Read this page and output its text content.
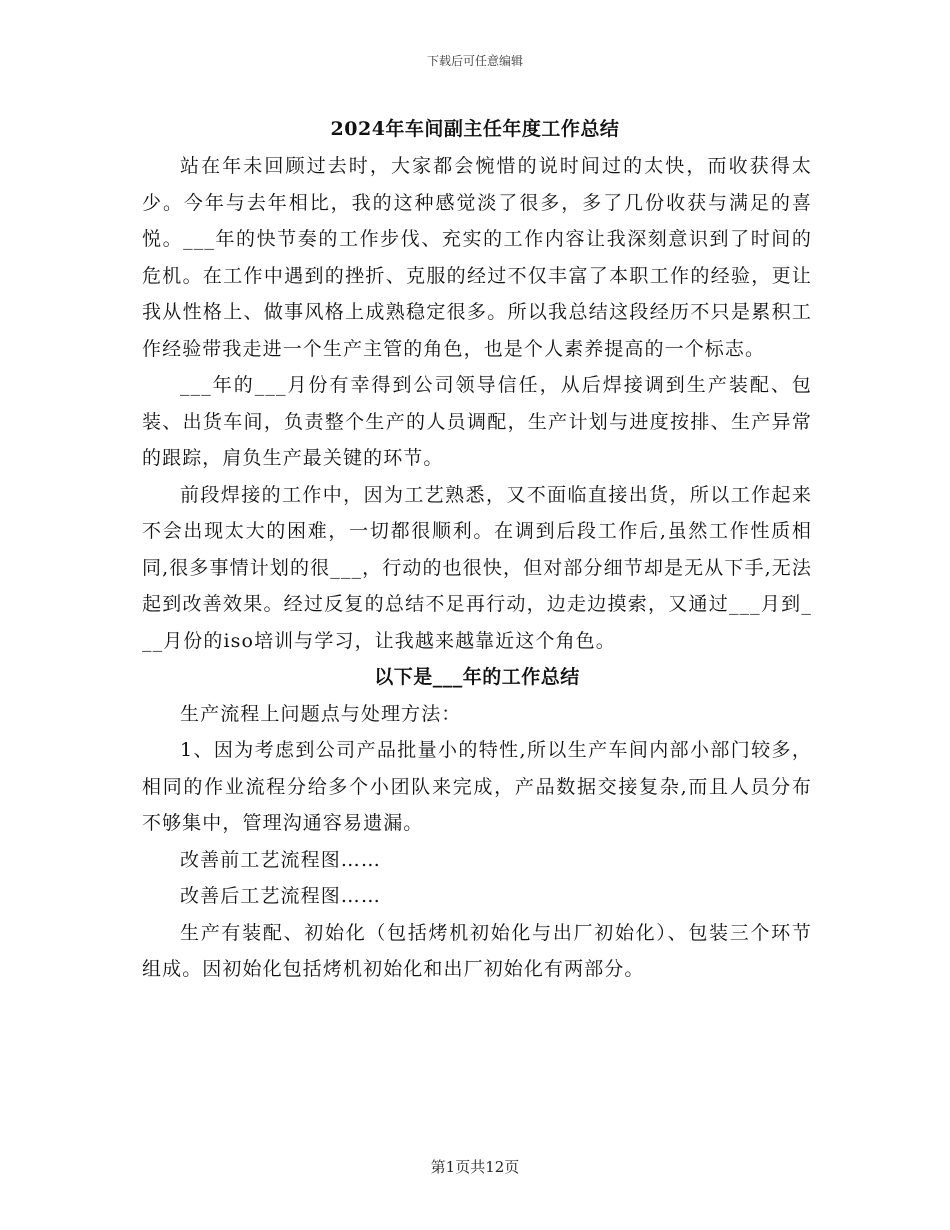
下载后可任意编辑
2024年车间副主任年度工作总结

站在年未回顾过去时，大家都会惋惜的说时间过的太快，而收获得太少。今年与去年相比，我的这种感觉淡了很多，多了几份收获与满足的喜悦。___年的快节奏的工作步伐、充实的工作内容让我深刻意识到了时间的危机。在工作中遇到的挫折、克服的经过不仅丰富了本职工作的经验，更让我从性格上、做事风格上成熟稳定很多。所以我总结这段经历不只是累积工作经验带我走进一个生产主管的角色，也是个人素养提高的一个标志。

___年的___月份有幸得到公司领导信任，从后焊接调到生产装配、包装、出货车间，负责整个生产的人员调配，生产计划与进度按排、生产异常的跟踪，肩负生产最关键的环节。

前段焊接的工作中，因为工艺熟悉，又不面临直接出货，所以工作起来不会出现太大的困难，一切都很顺利。在调到后段工作后,虽然工作性质相同,很多事情计划的很___，行动的也很快，但对部分细节却是无从下手,无法起到改善效果。经过反复的总结不足再行动，边走边摸索，又通过___月到___月份的iso培训与学习，让我越来越靠近这个角色。

以下是___年的工作总结

生产流程上问题点与处理方法：

1、因为考虑到公司产品批量小的特性,所以生产车间内部小部门较多，相同的作业流程分给多个小团队来完成，产品数据交接复杂,而且人员分布不够集中，管理沟通容易遗漏。

改善前工艺流程图……

改善后工艺流程图……

生产有装配、初始化（包括烤机初始化与出厂初始化）、包装三个环节组成。因初始化包括烤机初始化和出厂初始化有两部分。

第1页共12页
